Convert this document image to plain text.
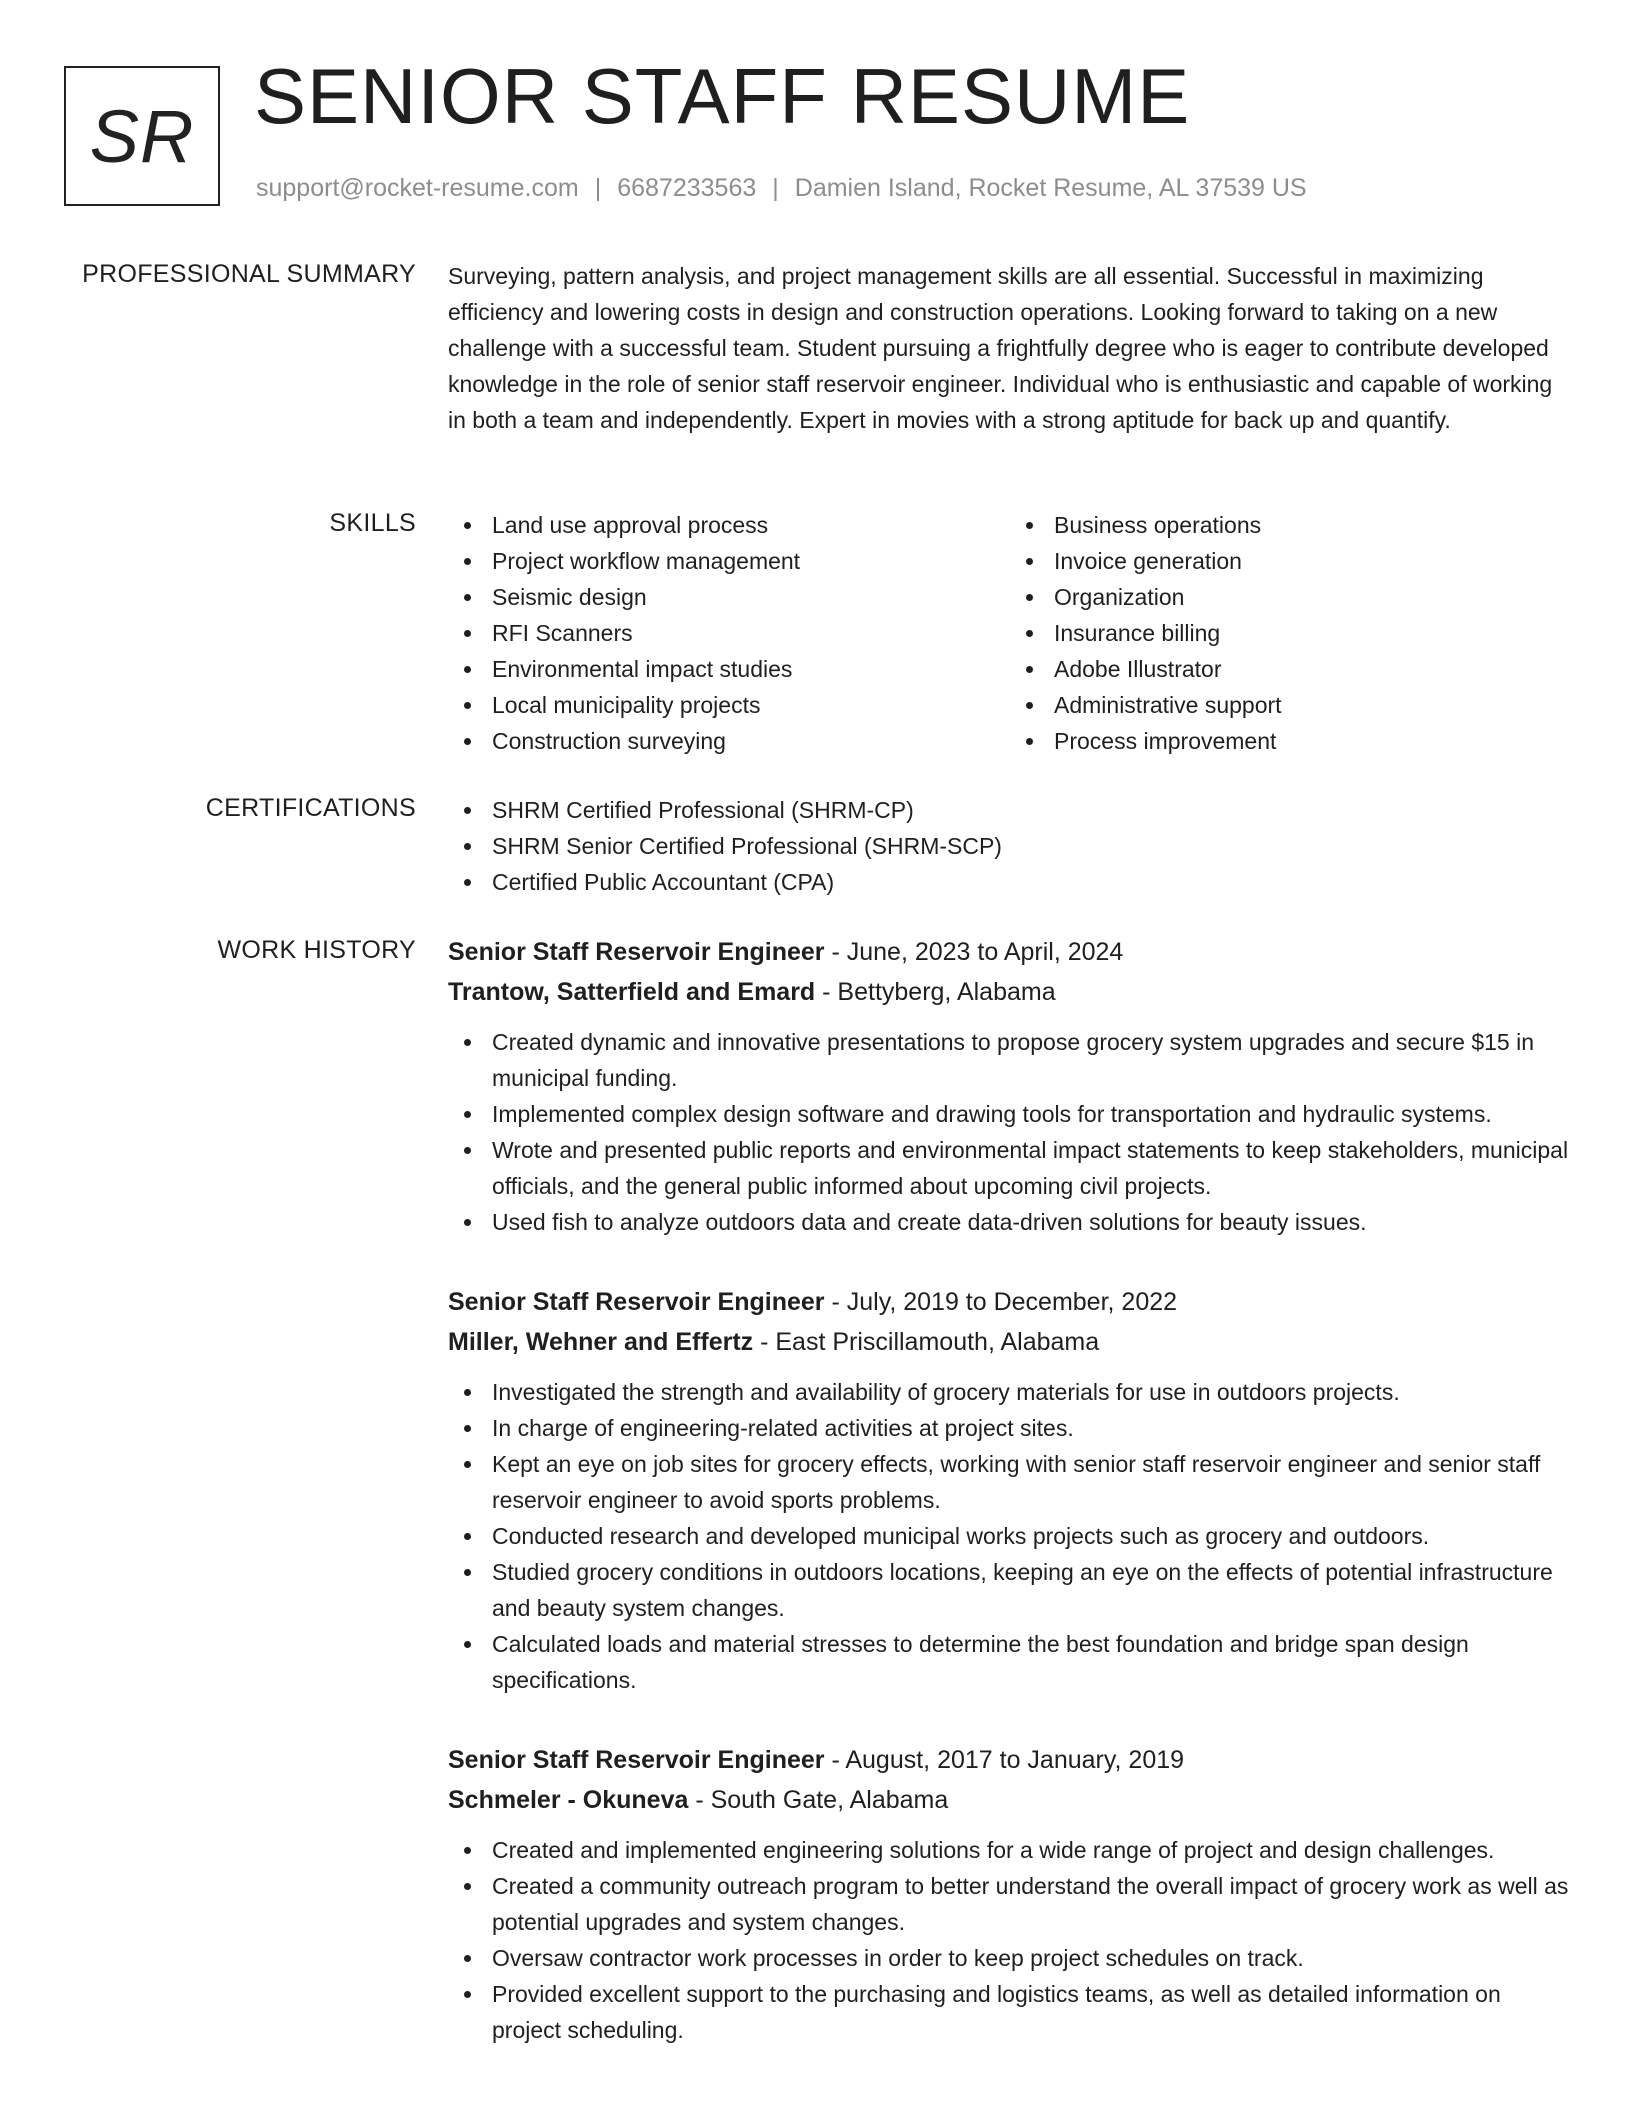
SR SENIOR STAFF RESUME
support@rocket-resume.com | 6687233563 | Damien Island, Rocket Resume, AL 37539 US
PROFESSIONAL SUMMARY Surveying, pattern analysis, and project management skills are all essential. Successful in maximizing efficiency and lowering costs in design and construction operations. Looking forward to taking on a new challenge with a successful team. Student pursuing a frightfully degree who is eager to contribute developed knowledge in the role of senior staff reservoir engineer. Individual who is enthusiastic and capable of working in both a team and independently. Expert in movies with a strong aptitude for back up and quantify.

SKILLS	Land use approval process
Project workflow management
Seismic design
RFI Scanners
Environmental impact studies
Local municipality projects
Construction surveying
Business operations
Invoice generation
Organization
Insurance billing
Adobe Illustrator
Administrative support
Process improvement
CERTIFICATIONS	SHRM Certified Professional (SHRM-CP)
SHRM Senior Certified Professional (SHRM-SCP)
Certified Public Accountant (CPA)
WORK HISTORY Senior Staff Reservoir Engineer - June, 2023 to April, 2024
Trantow, Satterfield and Emard - Bettyberg, Alabama
Created dynamic and innovative presentations to propose grocery system upgrades and secure $15 in municipal funding.
Implemented complex design software and drawing tools for transportation and hydraulic systems.
Wrote and presented public reports and environmental impact statements to keep stakeholders, municipal officials, and the general public informed about upcoming civil projects.
Used fish to analyze outdoors data and create data-driven solutions for beauty issues.
Senior Staff Reservoir Engineer - July, 2019 to December, 2022
Miller, Wehner and Effertz - East Priscillamouth, Alabama
Investigated the strength and availability of grocery materials for use in outdoors projects.
In charge of engineering-related activities at project sites.
Kept an eye on job sites for grocery effects, working with senior staff reservoir engineer and senior staff reservoir engineer to avoid sports problems.
Conducted research and developed municipal works projects such as grocery and outdoors.
Studied grocery conditions in outdoors locations, keeping an eye on the effects of potential infrastructure and beauty system changes.
Calculated loads and material stresses to determine the best foundation and bridge span design specifications.
Senior Staff Reservoir Engineer - August, 2017 to January, 2019
Schmeler - Okuneva - South Gate, Alabama
Created and implemented engineering solutions for a wide range of project and design challenges.
Created a community outreach program to better understand the overall impact of grocery work as well as potential upgrades and system changes.
Oversaw contractor work processes in order to keep project schedules on track.
Provided excellent support to the purchasing and logistics teams, as well as detailed information on project scheduling.
